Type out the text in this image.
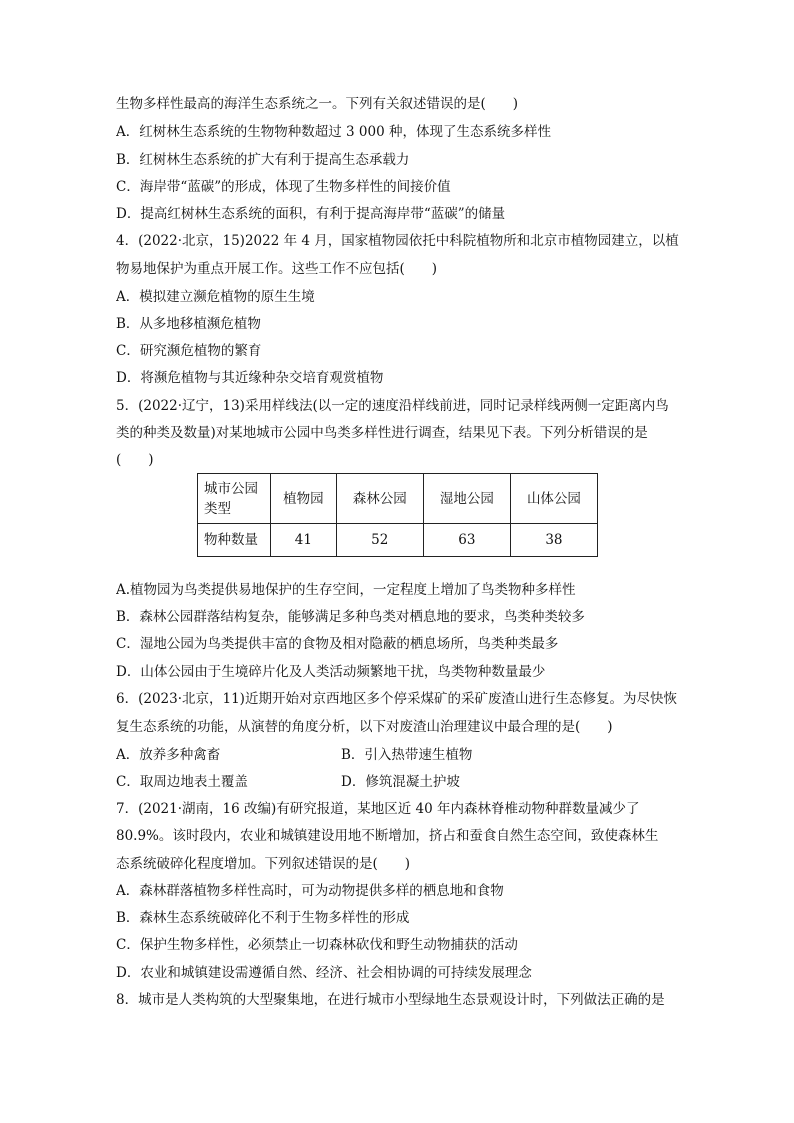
生物多样性最高的海洋生态系统之一。下列有关叙述错误的是(　　)
A．红树林生态系统的生物物种数超过 3 000 种，体现了生态系统多样性
B．红树林生态系统的扩大有利于提高生态承载力
C．海岸带“蓝碳”的形成，体现了生物多样性的间接价值
D．提高红树林生态系统的面积，有利于提高海岸带“蓝碳”的储量
4．(2022·北京，15)2022 年 4 月，国家植物园依托中科院植物所和北京市植物园建立，以植
物易地保护为重点开展工作。这些工作不应包括(　　)
A．模拟建立濒危植物的原生生境
B．从多地移植濒危植物
C．研究濒危植物的繁育
D．将濒危植物与其近缘种杂交培育观赏植物
5．(2022·辽宁，13)采用样线法(以一定的速度沿样线前进，同时记录样线两侧一定距离内鸟
类的种类及数量)对某地城市公园中鸟类多样性进行调查，结果见下表。下列分析错误的是
(　　)
城市公园类型	植物园	森林公园	湿地公园	山体公园
物种数量	41	52	63	38
A.植物园为鸟类提供易地保护的生存空间，一定程度上增加了鸟类物种多样性
B．森林公园群落结构复杂，能够满足多种鸟类对栖息地的要求，鸟类种类较多
C．湿地公园为鸟类提供丰富的食物及相对隐蔽的栖息场所，鸟类种类最多
D．山体公园由于生境碎片化及人类活动频繁地干扰，鸟类物种数量最少
6．(2023·北京，11)近期开始对京西地区多个停采煤矿的采矿废渣山进行生态修复。为尽快恢
复生态系统的功能，从演替的角度分析，以下对废渣山治理建议中最合理的是(　　)
A．放养多种禽畜	B．引入热带速生植物
C．取周边地表土覆盖	D．修筑混凝土护坡
7．(2021·湖南，16 改编)有研究报道，某地区近 40 年内森林脊椎动物种群数量减少了
80.9%。该时段内，农业和城镇建设用地不断增加，挤占和蚕食自然生态空间，致使森林生
态系统破碎化程度增加。下列叙述错误的是(　　)
A．森林群落植物多样性高时，可为动物提供多样的栖息地和食物
B．森林生态系统破碎化不利于生物多样性的形成
C．保护生物多样性，必须禁止一切森林砍伐和野生动物捕获的活动
D．农业和城镇建设需遵循自然、经济、社会相协调的可持续发展理念
8．城市是人类构筑的大型聚集地，在进行城市小型绿地生态景观设计时，下列做法正确的是
